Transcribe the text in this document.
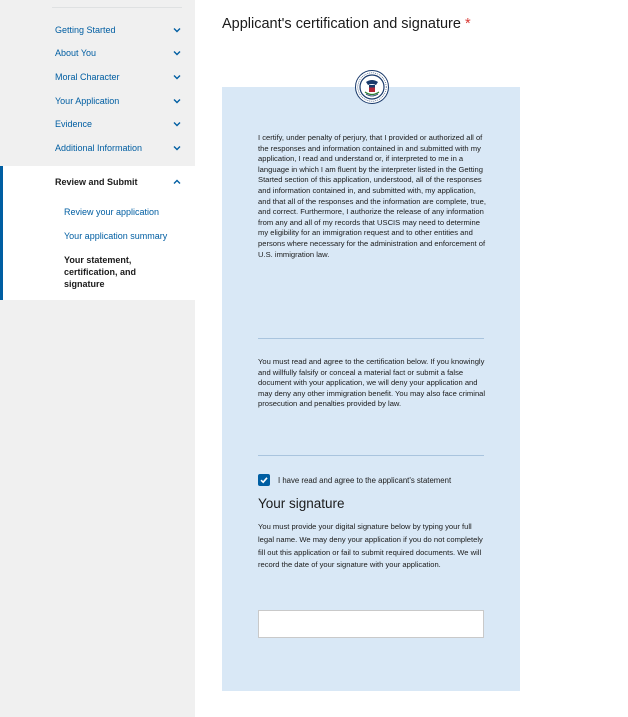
Getting Started
About You
Moral Character
Your Application
Evidence
Additional Information
Review and Submit
Review your application
Your application summary
Your statement, certification, and signature
Applicant's certification and signature *
I certify, under penalty of perjury, that I provided or authorized all of the responses and information contained in and submitted with my application, I read and understand or, if interpreted to me in a language in which I am fluent by the interpreter listed in the Getting Started section of this application, understood, all of the responses and information contained in, and submitted with, my application, and that all of the responses and the information are complete, true, and correct. Furthermore, I authorize the release of any information from any and all of my records that USCIS may need to determine my eligibility for an immigration request and to other entities and persons where necessary for the administration and enforcement of U.S. immigration law.
You must read and agree to the certification below. If you knowingly and willfully falsify or conceal a material fact or submit a false document with your application, we will deny your application and may deny any other immigration benefit. You may also face criminal prosecution and penalties provided by law.
I have read and agree to the applicant's statement
Your signature
You must provide your digital signature below by typing your full legal name. We may deny your application if you do not completely fill out this application or fail to submit required documents. We will record the date of your signature with your application.
